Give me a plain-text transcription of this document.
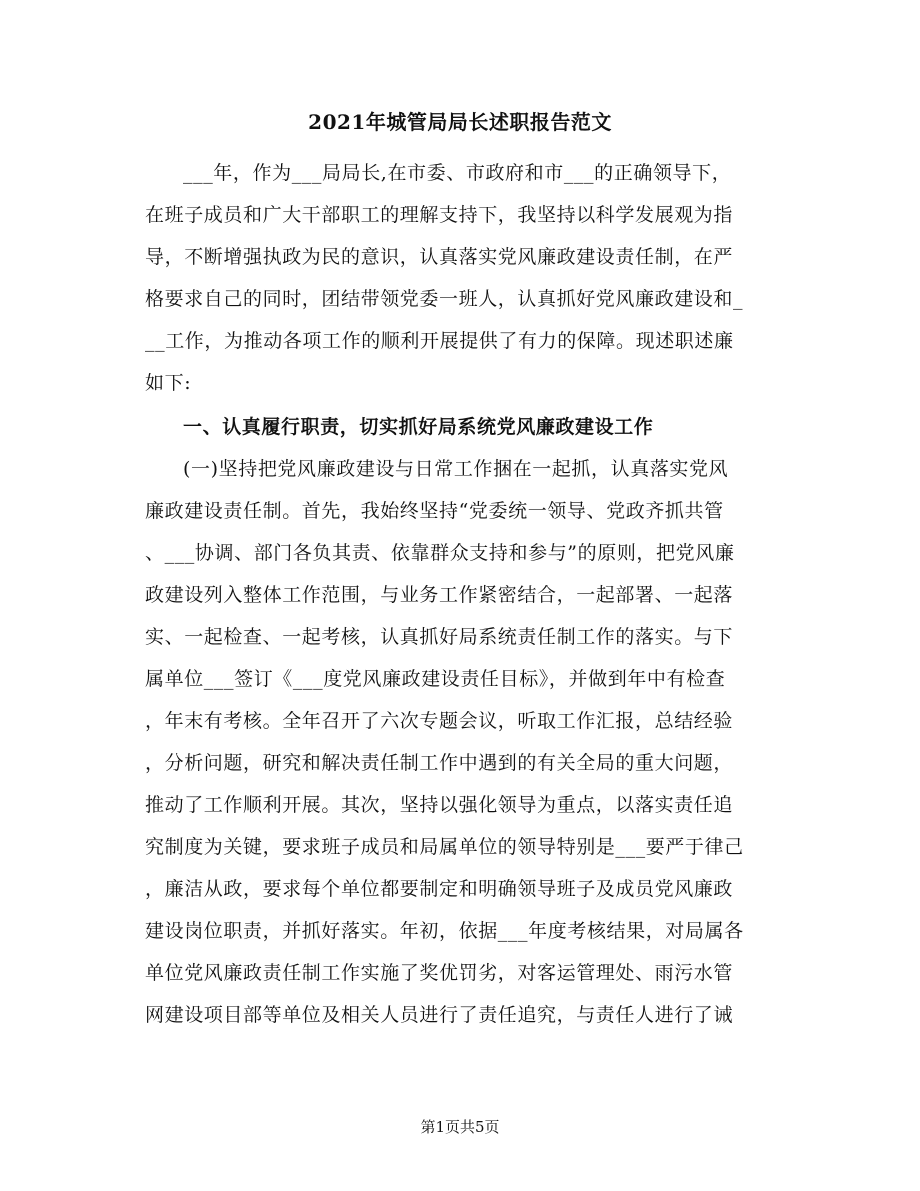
2021年城管局局长述职报告范文
___年，作为___局局长,在市委、市政府和市___的正确领导下，
在班子成员和广大干部职工的理解支持下，我坚持以科学发展观为指
导，不断增强执政为民的意识，认真落实党风廉政建设责任制，在严
格要求自己的同时，团结带领党委一班人，认真抓好党风廉政建设和_
__工作，为推动各项工作的顺利开展提供了有力的保障。现述职述廉
如下:
一、认真履行职责，切实抓好局系统党风廉政建设工作
(一)坚持把党风廉政建设与日常工作捆在一起抓，认真落实党风
廉政建设责任制。首先，我始终坚持“党委统一领导、党政齐抓共管
、___协调、部门各负其责、依靠群众支持和参与”的原则，把党风廉
政建设列入整体工作范围，与业务工作紧密结合，一起部署、一起落
实、一起检查、一起考核，认真抓好局系统责任制工作的落实。与下
属单位___签订《___度党风廉政建设责任目标》，并做到年中有检查
，年末有考核。全年召开了六次专题会议，听取工作汇报，总结经验
，分析问题，研究和解决责任制工作中遇到的有关全局的重大问题，
推动了工作顺利开展。其次，坚持以强化领导为重点，以落实责任追
究制度为关键，要求班子成员和局属单位的领导特别是___要严于律己
，廉洁从政，要求每个单位都要制定和明确领导班子及成员党风廉政
建设岗位职责，并抓好落实。年初，依据___年度考核结果，对局属各
单位党风廉政责任制工作实施了奖优罚劣，对客运管理处、雨污水管
网建设项目部等单位及相关人员进行了责任追究，与责任人进行了诫
第1页共5页
